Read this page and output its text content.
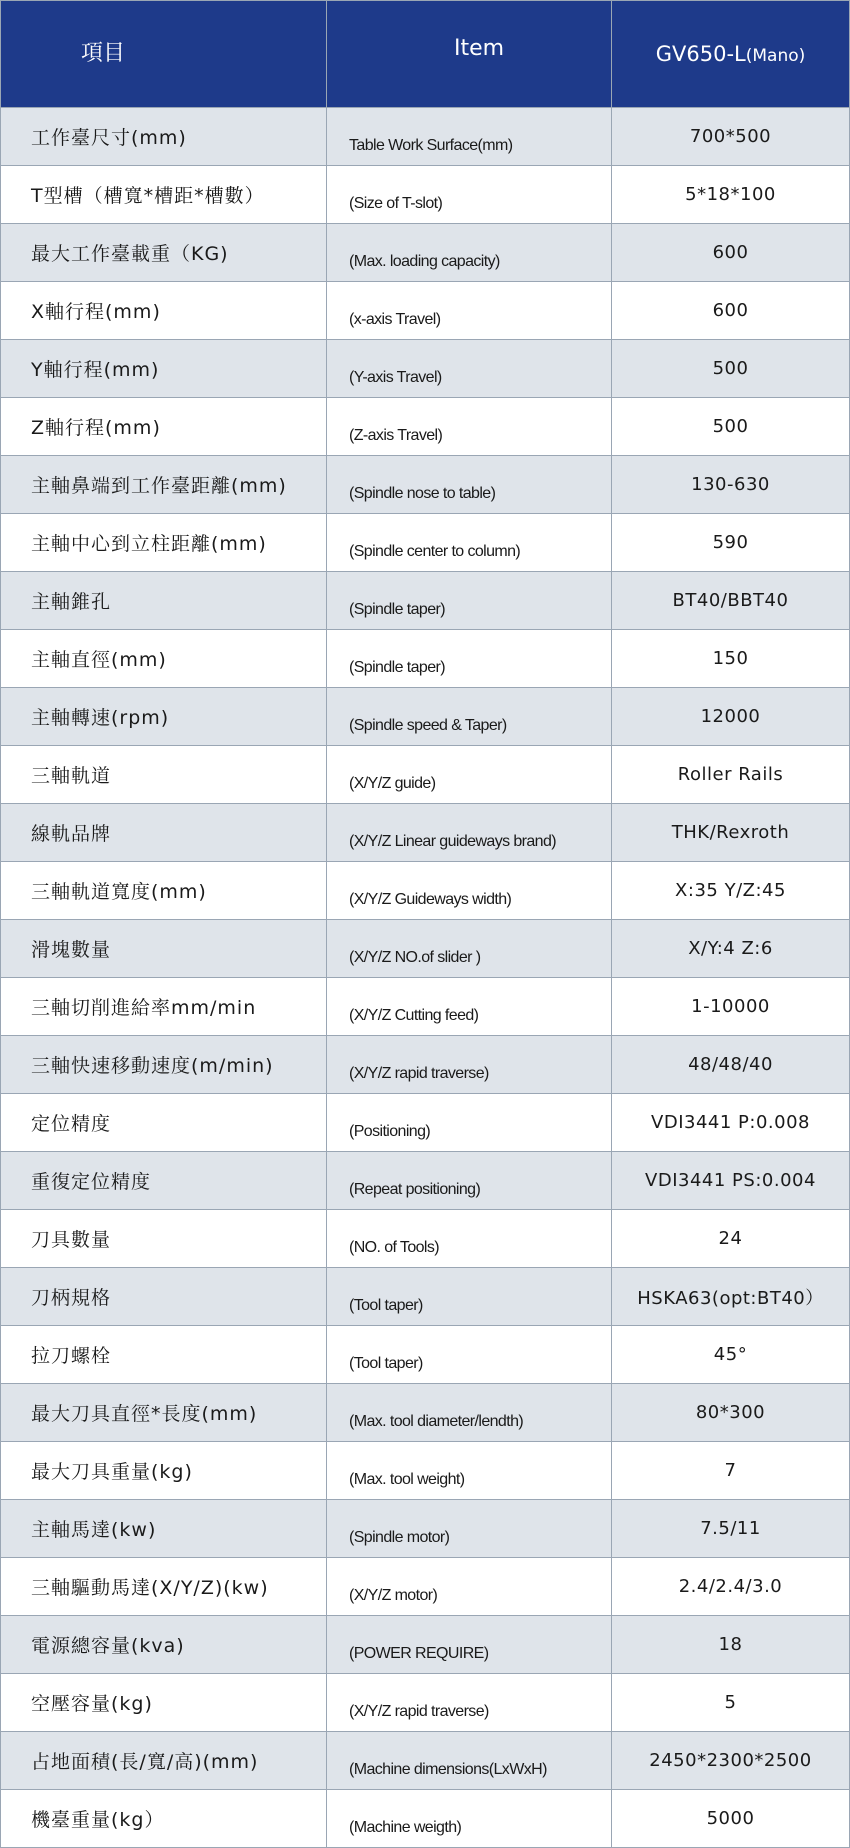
項目	Item	GV650-L(Mano)
工作臺尺寸(mm)	Table Work Surface(mm)	700*500
T型槽（槽寬*槽距*槽數）	(Size of T-slot)	5*18*100
最大工作臺載重（KG)	(Max. loading capacity)	600
X軸行程(mm)	(x-axis Travel)	600
Y軸行程(mm)	(Y-axis Travel)	500
Z軸行程(mm)	(Z-axis Travel)	500
主軸鼻端到工作臺距離(mm)	(Spindle nose to table)	130-630
主軸中心到立柱距離(mm)	(Spindle center to column)	590
主軸錐孔	(Spindle taper)	BT40/BBT40
主軸直徑(mm)	(Spindle taper)	150
主軸轉速(rpm)	(Spindle speed & Taper)	12000
三軸軌道	(X/Y/Z guide)	Roller Rails
線軌品牌	(X/Y/Z Linear guideways brand)	THK/Rexroth
三軸軌道寬度(mm)	(X/Y/Z Guideways width)	X:35 Y/Z:45
滑塊數量	(X/Y/Z NO.of slider )	X/Y:4 Z:6
三軸切削進給率mm/min	(X/Y/Z Cutting feed)	1-10000
三軸快速移動速度(m/min)	(X/Y/Z rapid traverse)	48/48/40
定位精度	(Positioning)	VDI3441 P:0.008
重復定位精度	(Repeat positioning)	VDI3441 PS:0.004
刀具數量	(NO. of Tools)	24
刀柄規格	(Tool taper)	HSKA63(opt:BT40）
拉刀螺栓	(Tool taper)	45°
最大刀具直徑*長度(mm)	(Max. tool diameter/lendth)	80*300
最大刀具重量(kg)	(Max. tool weight)	7
主軸馬達(kw)	(Spindle motor)	7.5/11
三軸驅動馬達(X/Y/Z)(kw)	(X/Y/Z motor)	2.4/2.4/3.0
電源總容量(kva)	(POWER REQUIRE)	18
空壓容量(kg)	(X/Y/Z rapid traverse)	5
占地面積(長/寬/高)(mm)	(Machine dimensions(LxWxH)	2450*2300*2500
機臺重量(kg）	(Machine weigth)	5000
